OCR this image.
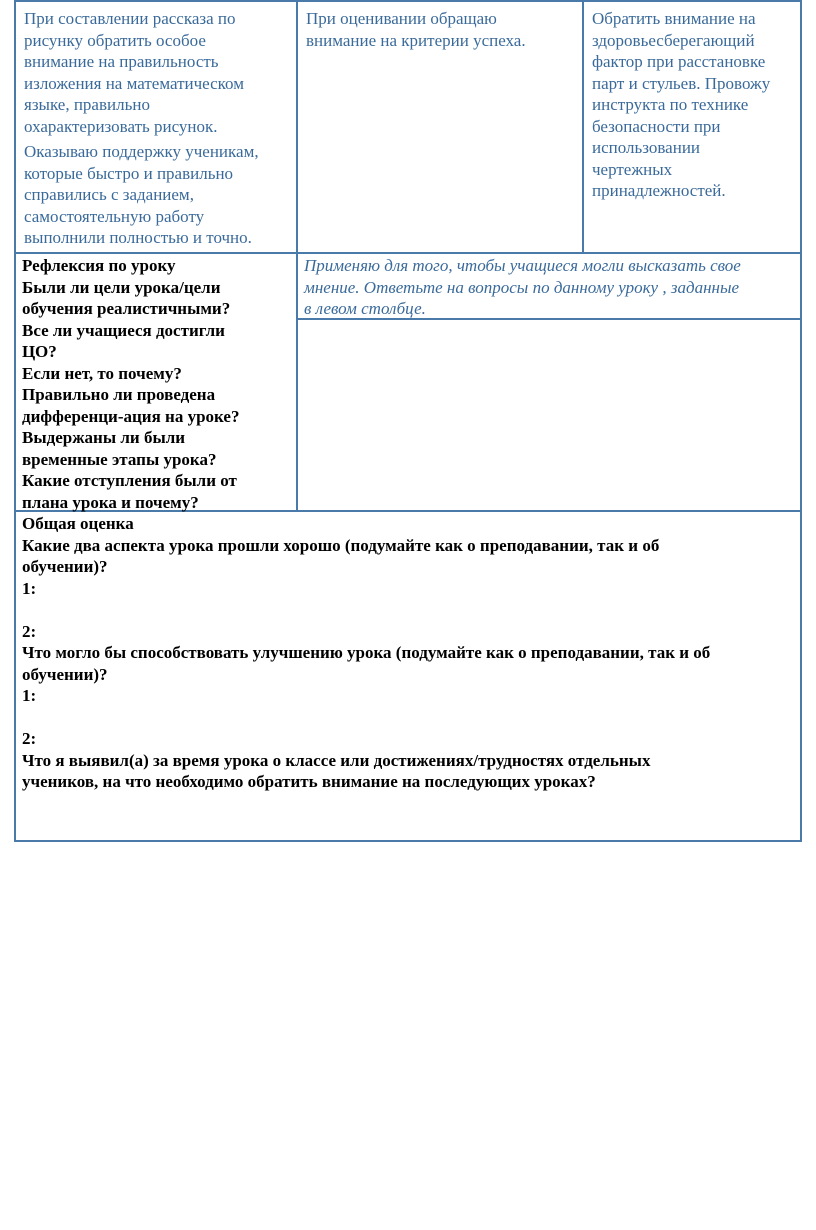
При составлении рассказа по
рисунку обратить особое
внимание на правильность
изложения на математическом
языке, правильно
охарактеризовать рисунок.

Оказываю поддержку ученикам,
которые быстро и правильно
справились с заданием,
самостоятельную работу
выполнили полностью и точно.

При оценивании обращаю
внимание на критерии успеха.

Обратить внимание на
здоровьесберегающий
фактор при расстановке
парт и стульев. Провожу
инструкта по технике
безопасности при
использовании
чертежных
принадлежностей.

Рефлексия по уроку
Были ли цели урока/цели
обучения реалистичными?
Все ли учащиеся достигли
ЦО?
Если нет, то почему?
Правильно ли проведена
дифференци-ация на уроке?
Выдержаны ли были
временные этапы урока?
Какие отступления были от
плана урока и почему?

Применяю для того, чтобы учащиеся могли высказать свое
мнение. Ответьте на вопросы по данному уроку , заданные
в левом столбце.

Общая оценка

Какие два аспекта урока прошли хорошо (подумайте как о преподавании, так и об
обучении)?

1:

2:

Что могло бы способствовать улучшению урока (подумайте как о преподавании, так и об
обучении)?

1:

2:

Что я выявил(а) за время урока о классе или достижениях/трудностях отдельных
учеников, на что необходимо обратить внимание на последующих уроках?
